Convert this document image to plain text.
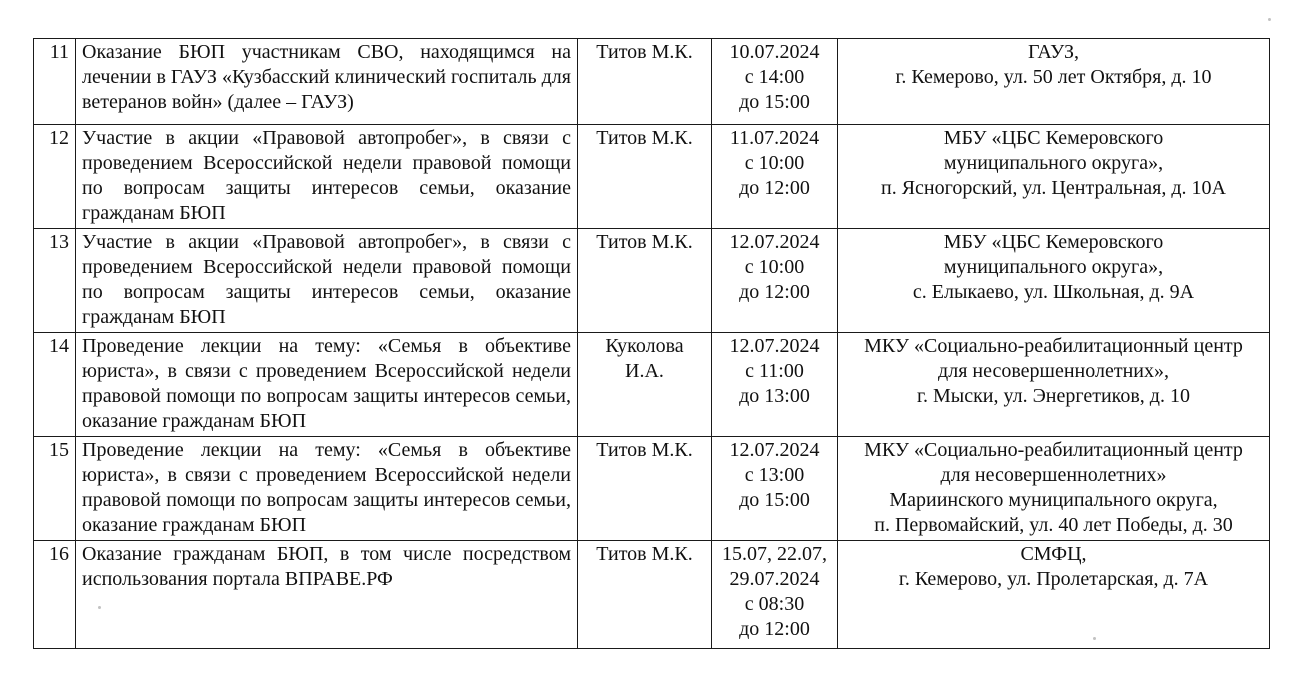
11	Оказание БЮП участникам СВО, находящимся на лечении в ГАУЗ «Кузбасский клинический госпиталь для ветеранов войн» (далее – ГАУЗ)	Титов М.К.	10.07.2024
с 14:00
до 15:00	ГАУЗ,
г. Кемерово, ул. 50 лет Октября, д. 10

12	Участие в акции «Правовой автопробег», в связи с проведением Всероссийской недели правовой помощи по вопросам защиты интересов семьи, оказание гражданам БЮП	Титов М.К.	11.07.2024
с 10:00
до 12:00	МБУ «ЦБС Кемеровского
муниципального округа»,
п. Ясногорский, ул. Центральная, д. 10А

13	Участие в акции «Правовой автопробег», в связи с проведением Всероссийской недели правовой помощи по вопросам защиты интересов семьи, оказание гражданам БЮП	Титов М.К.	12.07.2024
с 10:00
до 12:00	МБУ «ЦБС Кемеровского
муниципального округа»,
с. Елыкаево, ул. Школьная, д. 9А

14	Проведение лекции на тему: «Семья в объективе юриста», в связи с проведением Всероссийской недели правовой помощи по вопросам защиты интересов семьи, оказание гражданам БЮП	Куколова И.А.	12.07.2024
с 11:00
до 13:00	МКУ «Социально-реабилитационный центр
для несовершеннолетних»,
г. Мыски, ул. Энергетиков, д. 10

15	Проведение лекции на тему: «Семья в объективе юриста», в связи с проведением Всероссийской недели правовой помощи по вопросам защиты интересов семьи, оказание гражданам БЮП	Титов М.К.	12.07.2024
с 13:00
до 15:00	МКУ «Социально-реабилитационный центр
для несовершеннолетних»
Мариинского муниципального округа,
п. Первомайский, ул. 40 лет Победы, д. 30

16	Оказание гражданам БЮП, в том числе посредством использования портала ВПРАВЕ.РФ	Титов М.К.	15.07, 22.07,
29.07.2024
с 08:30
до 12:00	СМФЦ,
г. Кемерово, ул. Пролетарская, д. 7А
